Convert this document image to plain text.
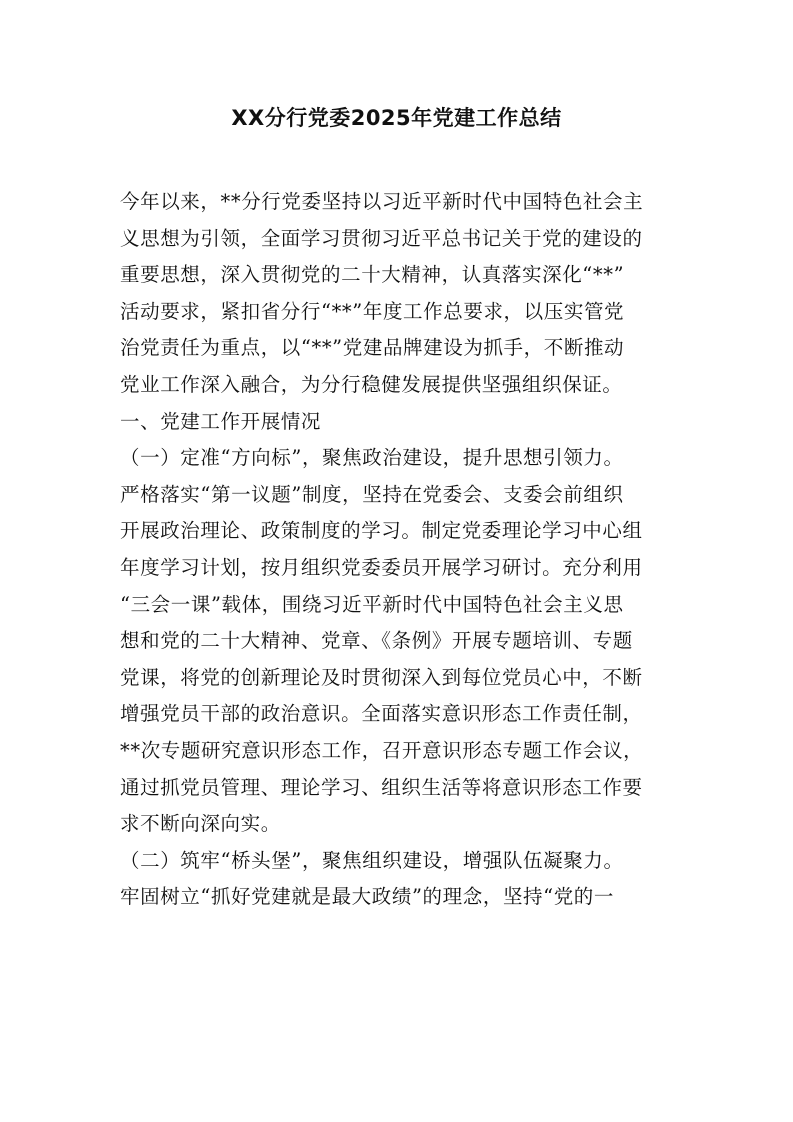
XX分行党委2025年党建工作总结
今年以来，**分行党委坚持以习近平新时代中国特色社会主
义思想为引领，全面学习贯彻习近平总书记关于党的建设的
重要思想，深入贯彻党的二十大精神，认真落实深化“**”
活动要求，紧扣省分行“**”年度工作总要求，以压实管党
治党责任为重点，以“**”党建品牌建设为抓手，不断推动
党业工作深入融合，为分行稳健发展提供坚强组织保证。
一、党建工作开展情况
（一）定准“方向标”，聚焦政治建设，提升思想引领力。
严格落实“第一议题”制度，坚持在党委会、支委会前组织
开展政治理论、政策制度的学习。制定党委理论学习中心组
年度学习计划，按月组织党委委员开展学习研讨。充分利用
“三会一课”载体，围绕习近平新时代中国特色社会主义思
想和党的二十大精神、党章、《条例》开展专题培训、专题
党课，将党的创新理论及时贯彻深入到每位党员心中，不断
增强党员干部的政治意识。全面落实意识形态工作责任制，
**次专题研究意识形态工作，召开意识形态专题工作会议，
通过抓党员管理、理论学习、组织生活等将意识形态工作要
求不断向深向实。
（二）筑牢“桥头堡”，聚焦组织建设，增强队伍凝聚力。
牢固树立“抓好党建就是最大政绩”的理念，坚持“党的一
